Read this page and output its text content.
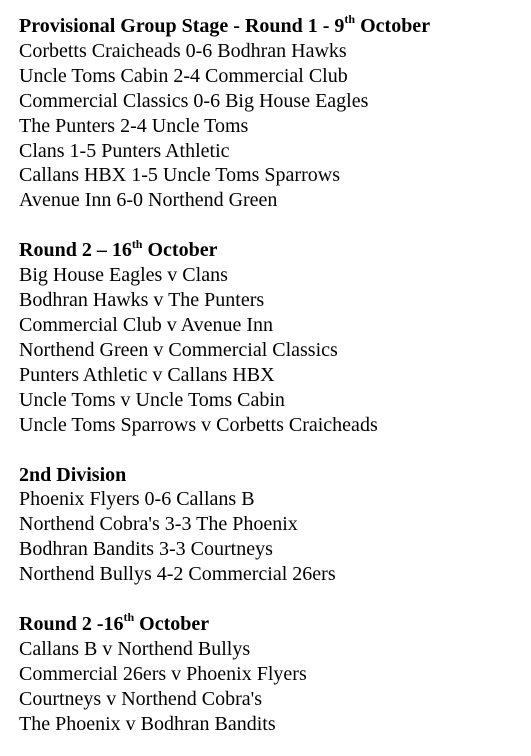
Provisional Group Stage - Round 1 - 9th October
Corbetts Craicheads 0-6 Bodhran Hawks
Uncle Toms Cabin 2-4 Commercial Club
Commercial Classics 0-6 Big House Eagles
The Punters 2-4 Uncle Toms
Clans 1-5 Punters Athletic
Callans HBX 1-5 Uncle Toms Sparrows
Avenue Inn 6-0 Northend Green
Round 2 – 16th October
Big House Eagles v Clans
Bodhran Hawks v The Punters
Commercial Club v Avenue Inn
Northend Green v Commercial Classics
Punters Athletic v Callans HBX
Uncle Toms v Uncle Toms Cabin
Uncle Toms Sparrows v Corbetts Craicheads
2nd Division
Phoenix Flyers 0-6 Callans B
Northend Cobra's 3-3 The Phoenix
Bodhran Bandits 3-3 Courtneys
Northend Bullys 4-2 Commercial 26ers
Round 2 -16th October
Callans B v Northend Bullys
Commercial 26ers v Phoenix Flyers
Courtneys v Northend Cobra's
The Phoenix v Bodhran Bandits
